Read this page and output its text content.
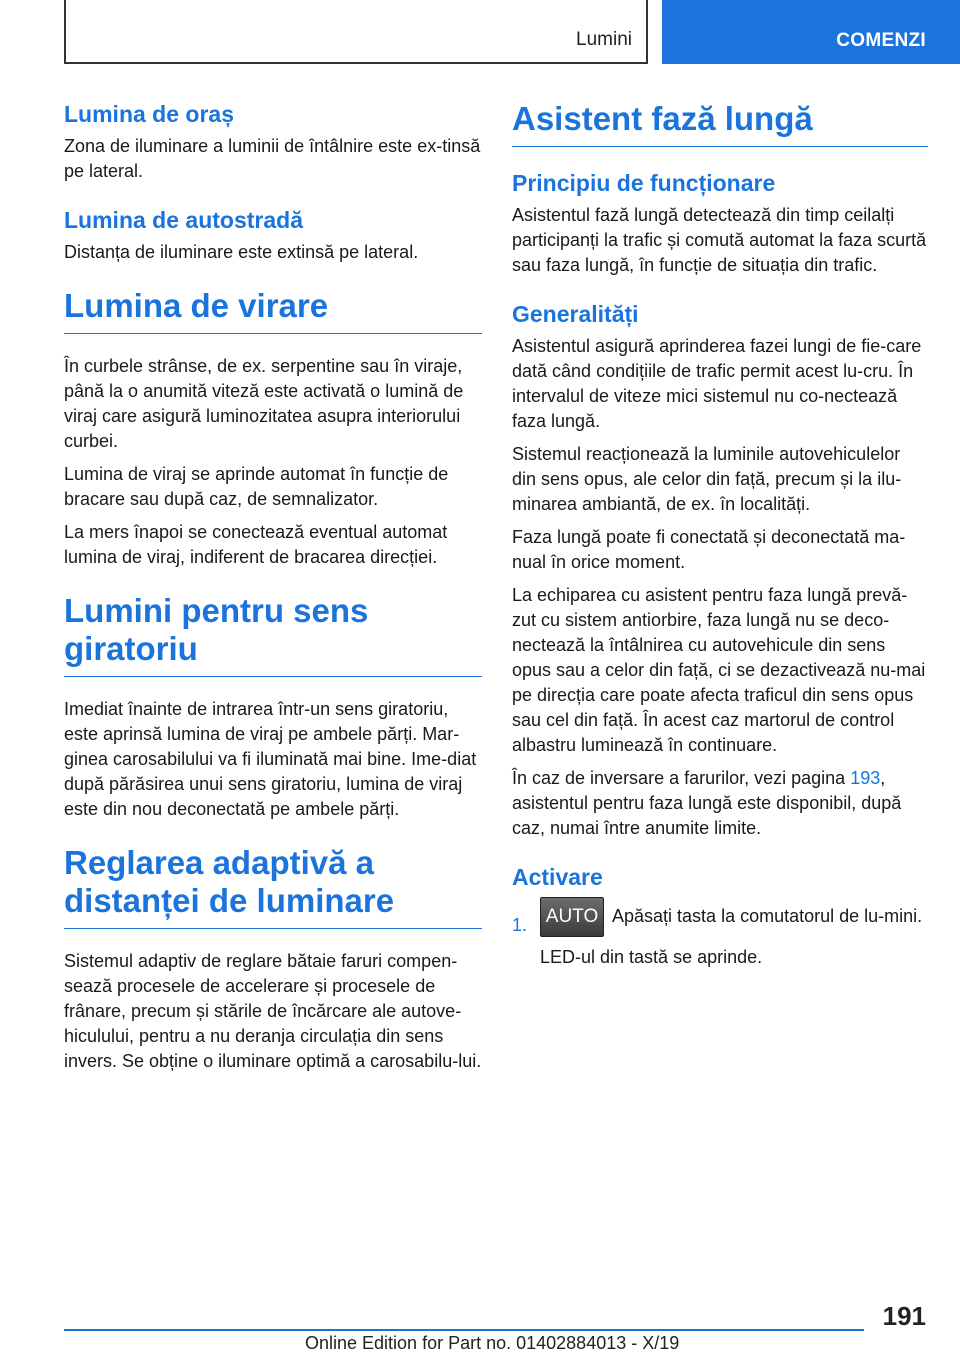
Lumini	COMENZI
Lumina de oraș

Zona de iluminare a luminii de întâlnire este ex-tinsă pe lateral.

Lumina de autostradă

Distanța de iluminare este extinsă pe lateral.

Lumina de virare

În curbele strânse, de ex. serpentine sau în viraje, până la o anumită viteză este activată o lumină de viraj care asigură luminozitatea asupra interiorului curbei.

Lumina de viraj se aprinde automat în funcție de bracare sau după caz, de semnalizator.

La mers înapoi se conectează eventual automat lumina de viraj, indiferent de bracarea direcției.

Lumini pentru sens giratoriu

Imediat înainte de intrarea într-un sens giratoriu, este aprinsă lumina de viraj pe ambele părți. Mar-ginea carosabilului va fi iluminată mai bine. Ime-diat după părăsirea unui sens giratoriu, lumina de viraj este din nou deconectată pe ambele părți.

Reglarea adaptivă a distanței de luminare

Sistemul adaptiv de reglare bătaie faruri compen-sează procesele de accelerare și procesele de frânare, precum și stările de încărcare ale autove-hiculului, pentru a nu deranja circulația din sens invers. Se obține o iluminare optimă a carosabilu-lui.

Asistent fază lungă
Principiu de funcționare

Asistentul fază lungă detectează din timp ceilalți participanți la trafic și comută automat la faza scurtă sau faza lungă, în funcție de situația din trafic.

Generalități

Asistentul asigură aprinderea fazei lungi de fie-care dată când condițiile de trafic permit acest lu-cru. În intervalul de viteze mici sistemul nu co-nectează faza lungă.

Sistemul reacționează la luminile autovehiculelor din sens opus, ale celor din față, precum și la ilu-minarea ambiantă, de ex. în localități.

Faza lungă poate fi conectată și deconectată ma-nual în orice moment.

La echiparea cu asistent pentru faza lungă prevă-zut cu sistem antiorbire, faza lungă nu se deco-nectează la întâlnirea cu autovehicule din sens opus sau a celor din față, ci se dezactivează nu-mai pe direcția care poate afecta traficul din sens opus sau cel din față. În acest caz martorul de control albastru luminează în continuare.

În caz de inversare a farurilor, vezi pagina 193, asistentul pentru faza lungă este disponibil, după caz, numai între anumite limite.

Activare
1. AUTO Apăsați tasta la comutatorul de lu-mini.

LED-ul din tastă se aprinde.

191
Online Edition for Part no. 01402884013 - X/19
